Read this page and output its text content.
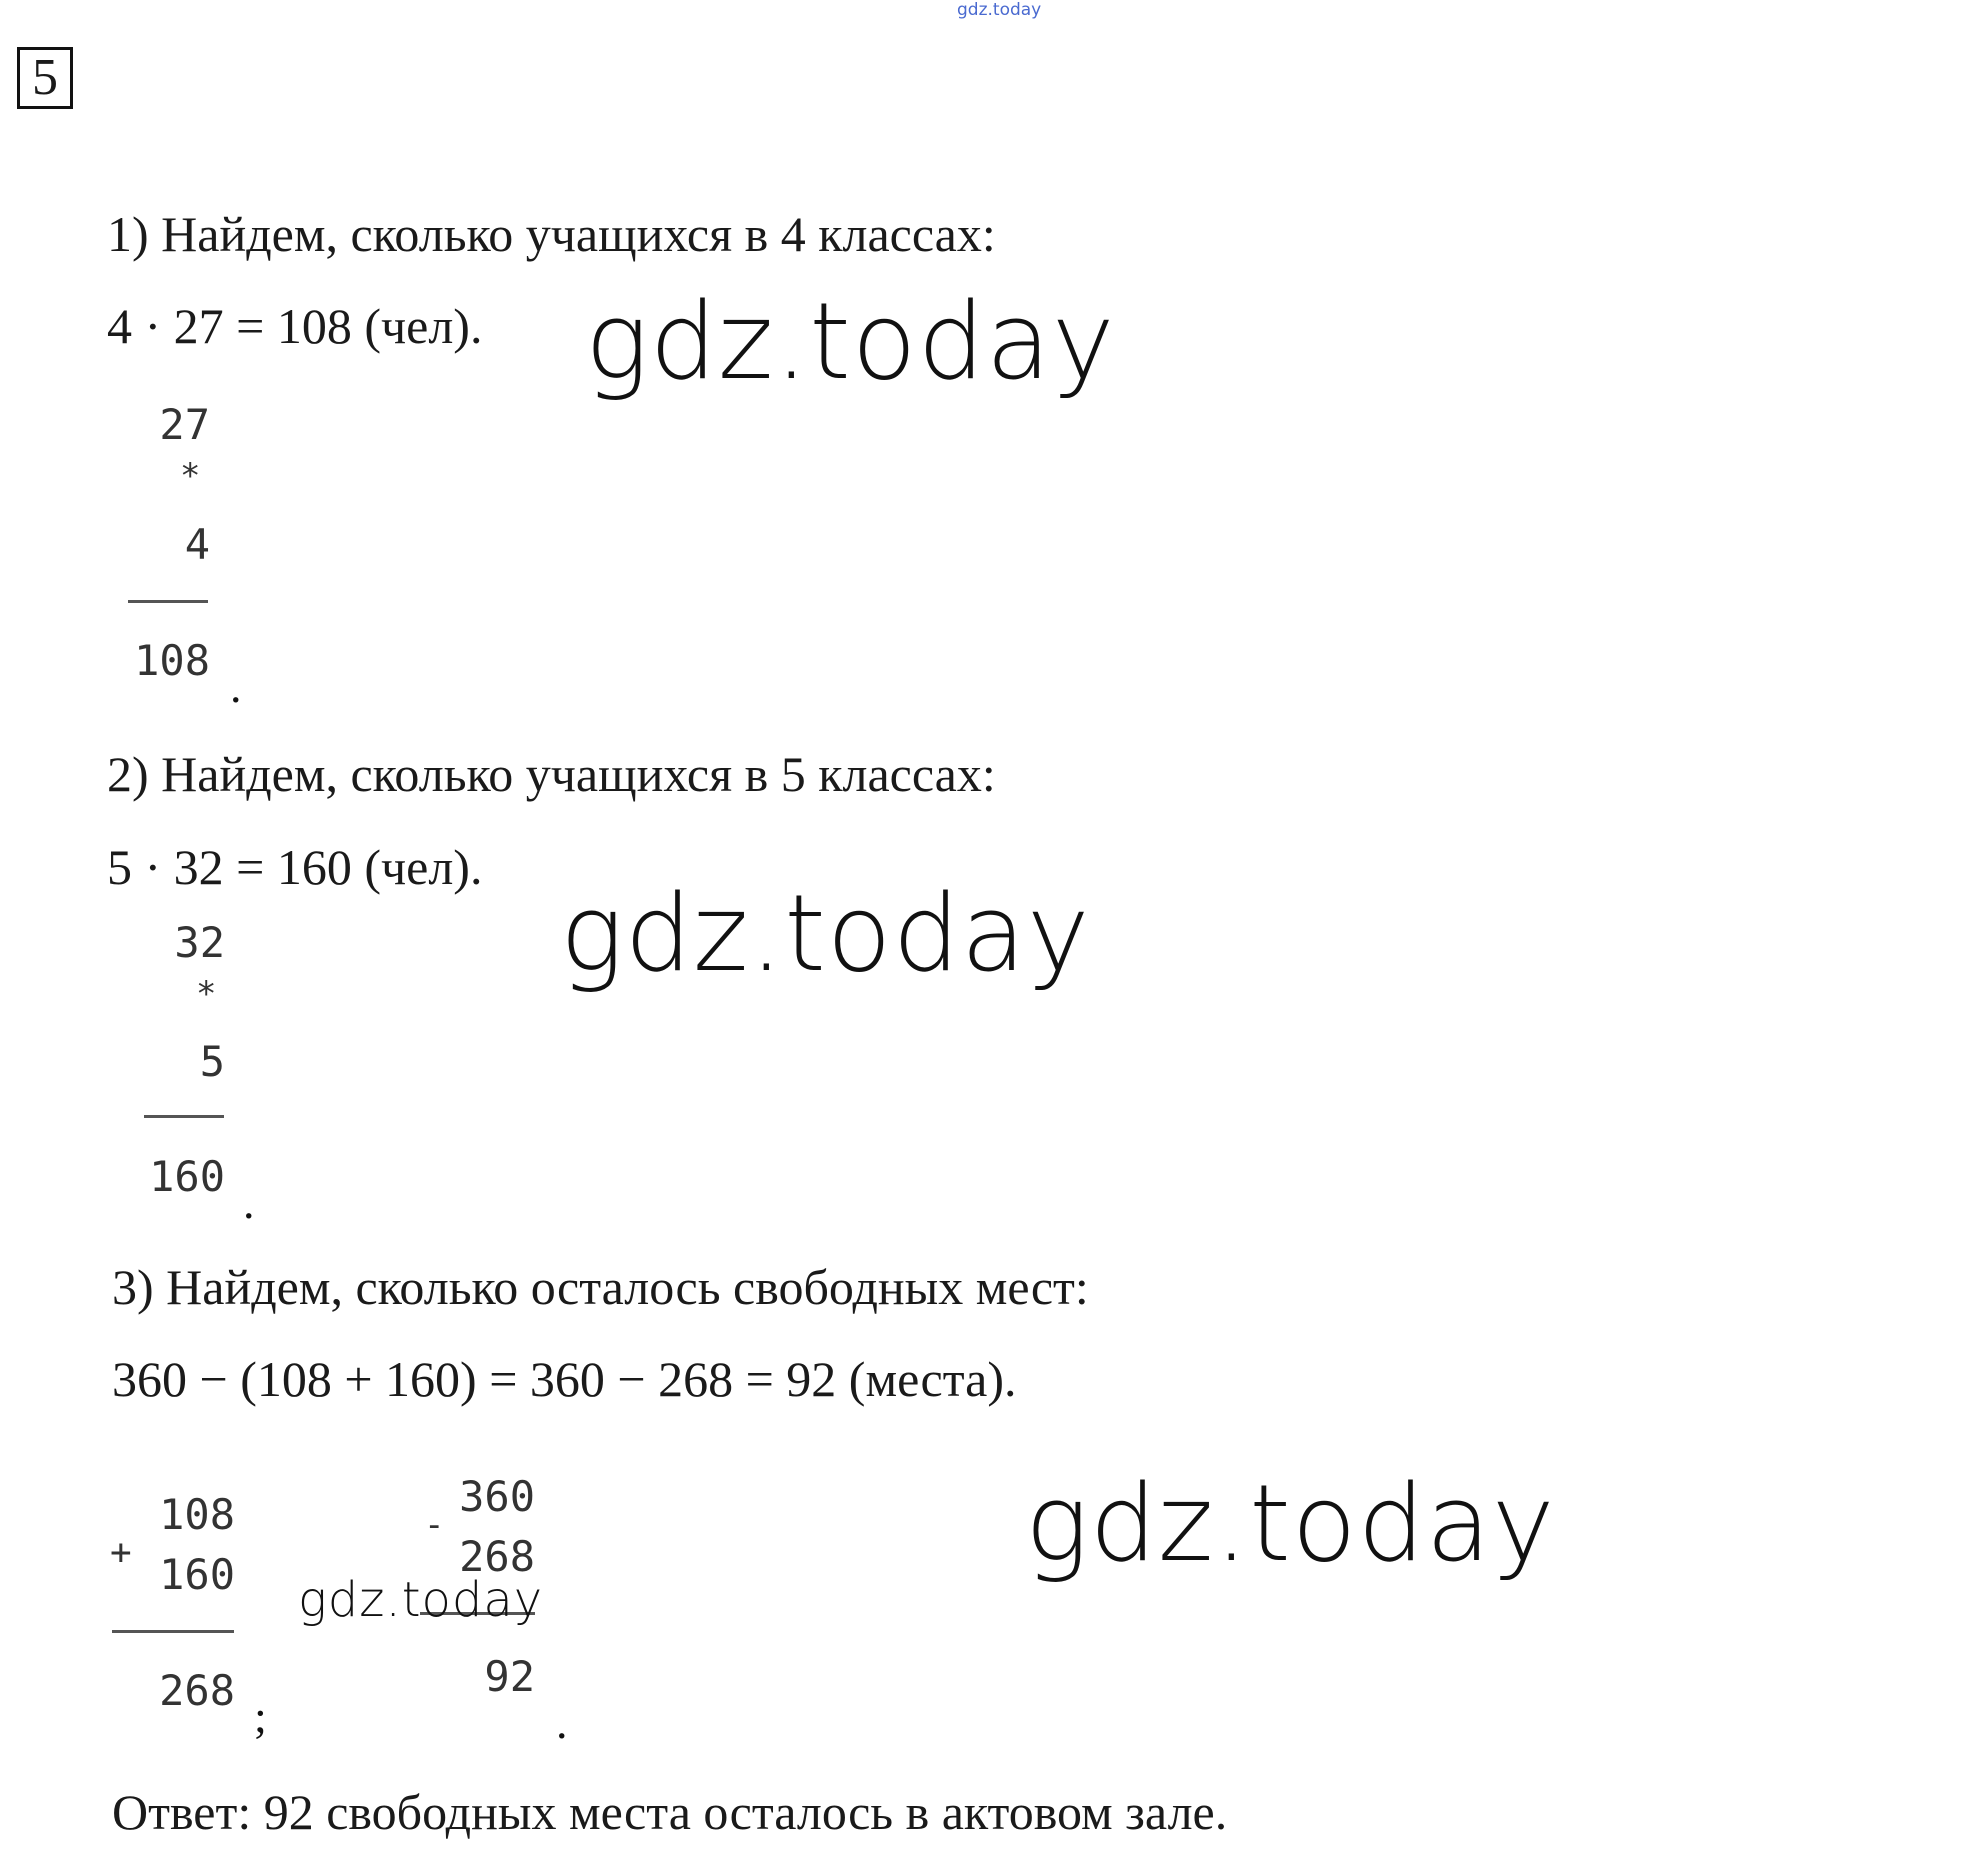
gdz.today
5
1) Найдем, сколько учащихся в 4 классах:
4 · 27 = 108 (чел). gdz.today
27
*
4
108
.
2) Найдем, сколько учащихся в 5 классах:
5 · 32 = 160 (чел).
gdz.today
32
*
5
160
.
3) Найдем, сколько осталось свободных мест:
360 − (108 + 160) = 360 − 268 = 92 (места).
108
+ 160
268
;
360
-
268
92
.
gdz.today
gdz.today
Ответ: 92 свободных места осталось в актовом зале.
